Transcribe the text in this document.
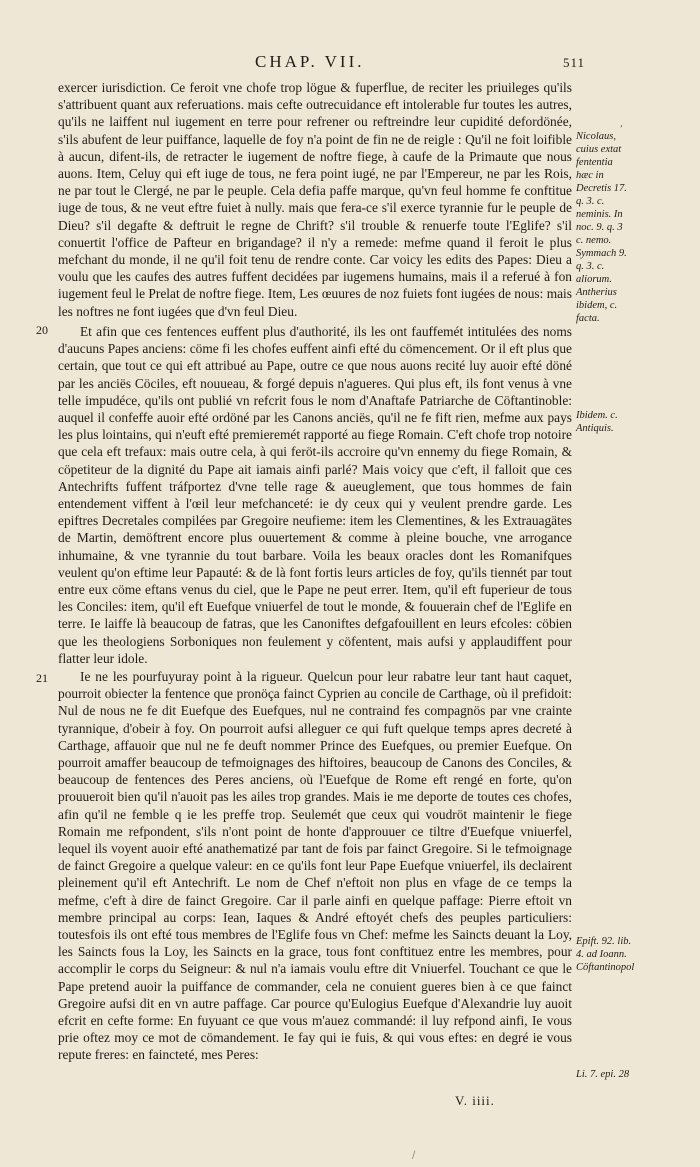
CHAP. VII.	511
,
20
21

exercer iurisdiction. Ce feroit vne chofe trop lögue & fuperflue, de reciter les priuileges qu'ils s'attribuent quant aux referuations. mais cefte outrecuidance eft intolerable fur toutes les autres, qu'ils ne laiffent nul iugement en terre pour refrener ou reftreindre leur cupidité defordönée, s'ils abufent de leur puiffance, laquelle de foy n'a point de fin ne de reigle : Qu'il ne foit loifible à aucun, difent-ils, de retracter le iugement de noftre fiege, à caufe de la Primaute que nous auons. Item, Celuy qui eft iuge de tous, ne fera point iugé, ne par l'Empereur, ne par les Rois, ne par tout le Clergé, ne par le peuple. Cela defia paffe marque, qu'vn feul homme fe conftitue iuge de tous, & ne veut eftre fuiet à nully. mais que fera-ce s'il exerce tyrannie fur le peuple de Dieu? s'il degafte & deftruit le regne de Chrift? s'il trouble & renuerfe toute l'Eglife? s'il conuertit l'office de Pafteur en brigandage? il n'y a remede: mefme quand il feroit le plus mefchant du monde, il ne qu'il foit tenu de rendre conte. Car voicy les edits des Papes: Dieu a voulu que les caufes des autres fuffent decidées par iugemens humains, mais il a referué à fon iugement feul le Prelat de noftre fiege. Item, Les œuures de noz fuiets font iugées de nous: mais les noftres ne font iugées que d'vn feul Dieu.

Et afin que ces fentences euffent plus d'authorité, ils les ont fauffemét intitulées des noms d'aucuns Papes anciens: cöme fi les chofes euffent ainfi efté du cömencement. Or il eft plus que certain, que tout ce qui eft attribué au Pape, outre ce que nous auons recité luy auoir efté döné par les anciës Cöciles, eft nouueau, & forgé depuis n'agueres. Qui plus eft, ils font venus à vne telle impudéce, qu'ils ont publié vn refcrit fous le nom d'Anaftafe Patriarche de Cöftantinoble: auquel il confeffe auoir efté ordöné par les Canons anciës, qu'il ne fe fift rien, mefme aux pays les plus lointains, qui n'euft efté premieremét rapporté au fiege Romain. C'eft chofe trop notoire que cela eft trefaux: mais outre cela, à qui feröt-ils accroire qu'vn ennemy du fiege Romain, & cöpetiteur de la dignité du Pape ait iamais ainfi parlé? Mais voicy que c'eft, il falloit que ces Antechrifts fuffent tráfportez d'vne telle rage & aueuglement, que tous hommes de fain entendement viffent à l'œil leur mefchanceté: ie dy ceux qui y veulent prendre garde. Les epiftres Decretales compilées par Gregoire neufieme: item les Clementines, & les Extrauagätes de Martin, demöftrent encore plus ouuertement & comme à pleine bouche, vne arrogance inhumaine, & vne tyrannie du tout barbare. Voila les beaux oracles dont les Romanifques veulent qu'on eftime leur Papauté: & de là font fortis leurs articles de foy, qu'ils tiennét par tout entre eux cöme eftans venus du ciel, que le Pape ne peut errer. Item, qu'il eft fuperieur de tous les Conciles: item, qu'il eft Euefque vniuerfel de tout le monde, & fouuerain chef de l'Eglife en terre. Ie laiffe là beaucoup de fatras, que les Canoniftes defgafouillent en leurs efcoles: cöbien que les theologiens Sorboniques non feulement y cöfentent, mais aufsi y applaudiffent pour flatter leur idole.

Ie ne les pourfuyuray point à la rigueur. Quelcun pour leur rabatre leur tant haut caquet, pourroit obiecter la fentence que pronöça fainct Cyprien au concile de Carthage, où il prefidoit: Nul de nous ne fe dit Euefque des Euefques, nul ne contraind fes compagnös par vne crainte tyrannique, d'obeir à foy. On pourroit aufsi alleguer ce qui fuft quelque temps apres decreté à Carthage, affauoir que nul ne fe deuft nommer Prince des Euefques, ou premier Euefque. On pourroit amaffer beaucoup de tefmoignages des hiftoires, beaucoup de Canons des Conciles, & beaucoup de fentences des Peres anciens, où l'Euefque de Rome eft rengé en forte, qu'on prouueroit bien qu'il n'auoit pas les ailes trop grandes. Mais ie me deporte de toutes ces chofes, afin qu'il ne femble q ie les preffe trop. Seulemét que ceux qui voudröt maintenir le fiege Romain me refpondent, s'ils n'ont point de honte d'approuuer ce tiltre d'Euefque vniuerfel, lequel ils voyent auoir efté anathematizé par tant de fois par fainct Gregoire. Si le tefmoignage de fainct Gregoire a quelque valeur: en ce qu'ils font leur Pape Euefque vniuerfel, ils declairent pleinement qu'il eft Antechrift. Le nom de Chef n'eftoit non plus en vfage de ce temps la mefme, c'eft à dire de fainct Gregoire. Car il parle ainfi en quelque paffage: Pierre eftoit vn membre principal au corps: Iean, Iaques & André eftoyét chefs des peuples particuliers: toutesfois ils ont efté tous membres de l'Eglife fous vn Chef: mefme les Saincts deuant la Loy, les Saincts fous la Loy, les Saincts en la grace, tous font conftituez entre les membres, pour accomplir le corps du Seigneur: & nul n'a iamais voulu eftre dit Vniuerfel. Touchant ce que le Pape pretend auoir la puiffance de commander, cela ne conuient gueres bien à ce que fainct Gregoire aufsi dit en vn autre paffage. Car pource qu'Eulogius Euefque d'Alexandrie luy auoit efcrit en cefte forme: En fuyuant ce que vous m'auez commandé: il luy refpond ainfi, Ie vous prie oftez moy ce mot de cömandement. Ie fay qui ie fuis, & qui vous eftes: en degré ie vous repute freres: en faincteté, mes Peres:

Nicolaus, cuius extat fententia hæc in Decretis 17. q. 3. c. neminis. In noc. 9. q. 3 c. nemo. Symmach 9. q. 3. c. aliorum. Antherius ibidem, c. facta.
Ibidem. c. Antiquis.
Epift. 92. lib. 4. ad Ioann. Cöftantinopol
Li. 7. epi. 28
V. iiii.
/
